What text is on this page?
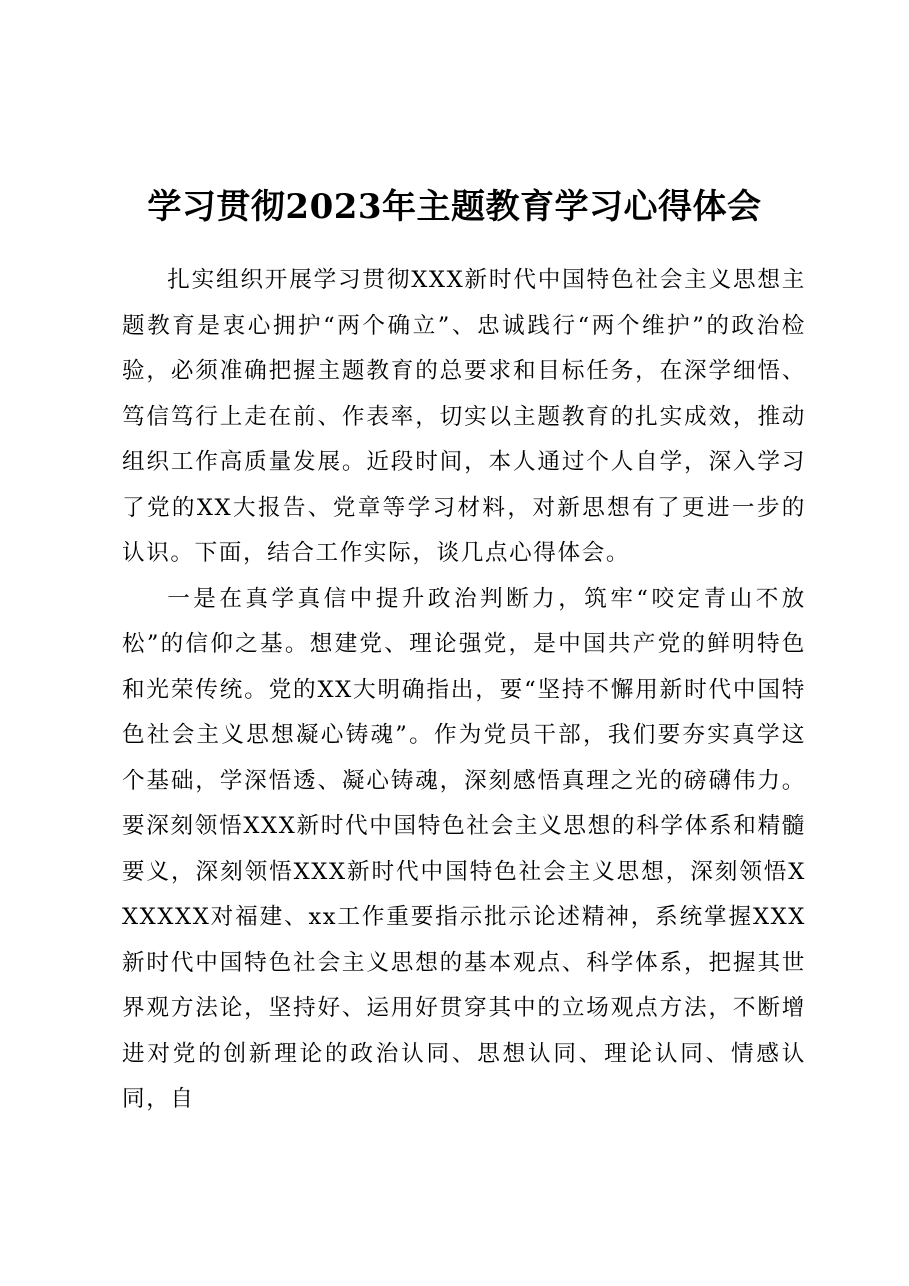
学习贯彻2023年主题教育学习心得体会

扎实组织开展学习贯彻XXX新时代中国特色社会主义思想主题教育是衷心拥护“两个确立”、忠诚践行“两个维护”的政治检验，必须准确把握主题教育的总要求和目标任务，在深学细悟、笃信笃行上走在前、作表率，切实以主题教育的扎实成效，推动组织工作高质量发展。近段时间，本人通过个人自学，深入学习了党的XX大报告、党章等学习材料，对新思想有了更进一步的认识。下面，结合工作实际，谈几点心得体会。

一是在真学真信中提升政治判断力，筑牢“咬定青山不放松”的信仰之基。想建党、理论强党，是中国共产党的鲜明特色和光荣传统。党的XX大明确指出，要“坚持不懈用新时代中国特色社会主义思想凝心铸魂”。作为党员干部，我们要夯实真学这个基础，学深悟透、凝心铸魂，深刻感悟真理之光的磅礴伟力。要深刻领悟XXX新时代中国特色社会主义思想的科学体系和精髓要义，深刻领悟XXX新时代中国特色社会主义思想，深刻领悟XXXXXX对福建、xx工作重要指示批示论述精神，系统掌握XXX新时代中国特色社会主义思想的基本观点、科学体系，把握其世界观方法论，坚持好、运用好贯穿其中的立场观点方法，不断增进对党的创新理论的政治认同、思想认同、理论认同、情感认同，自
